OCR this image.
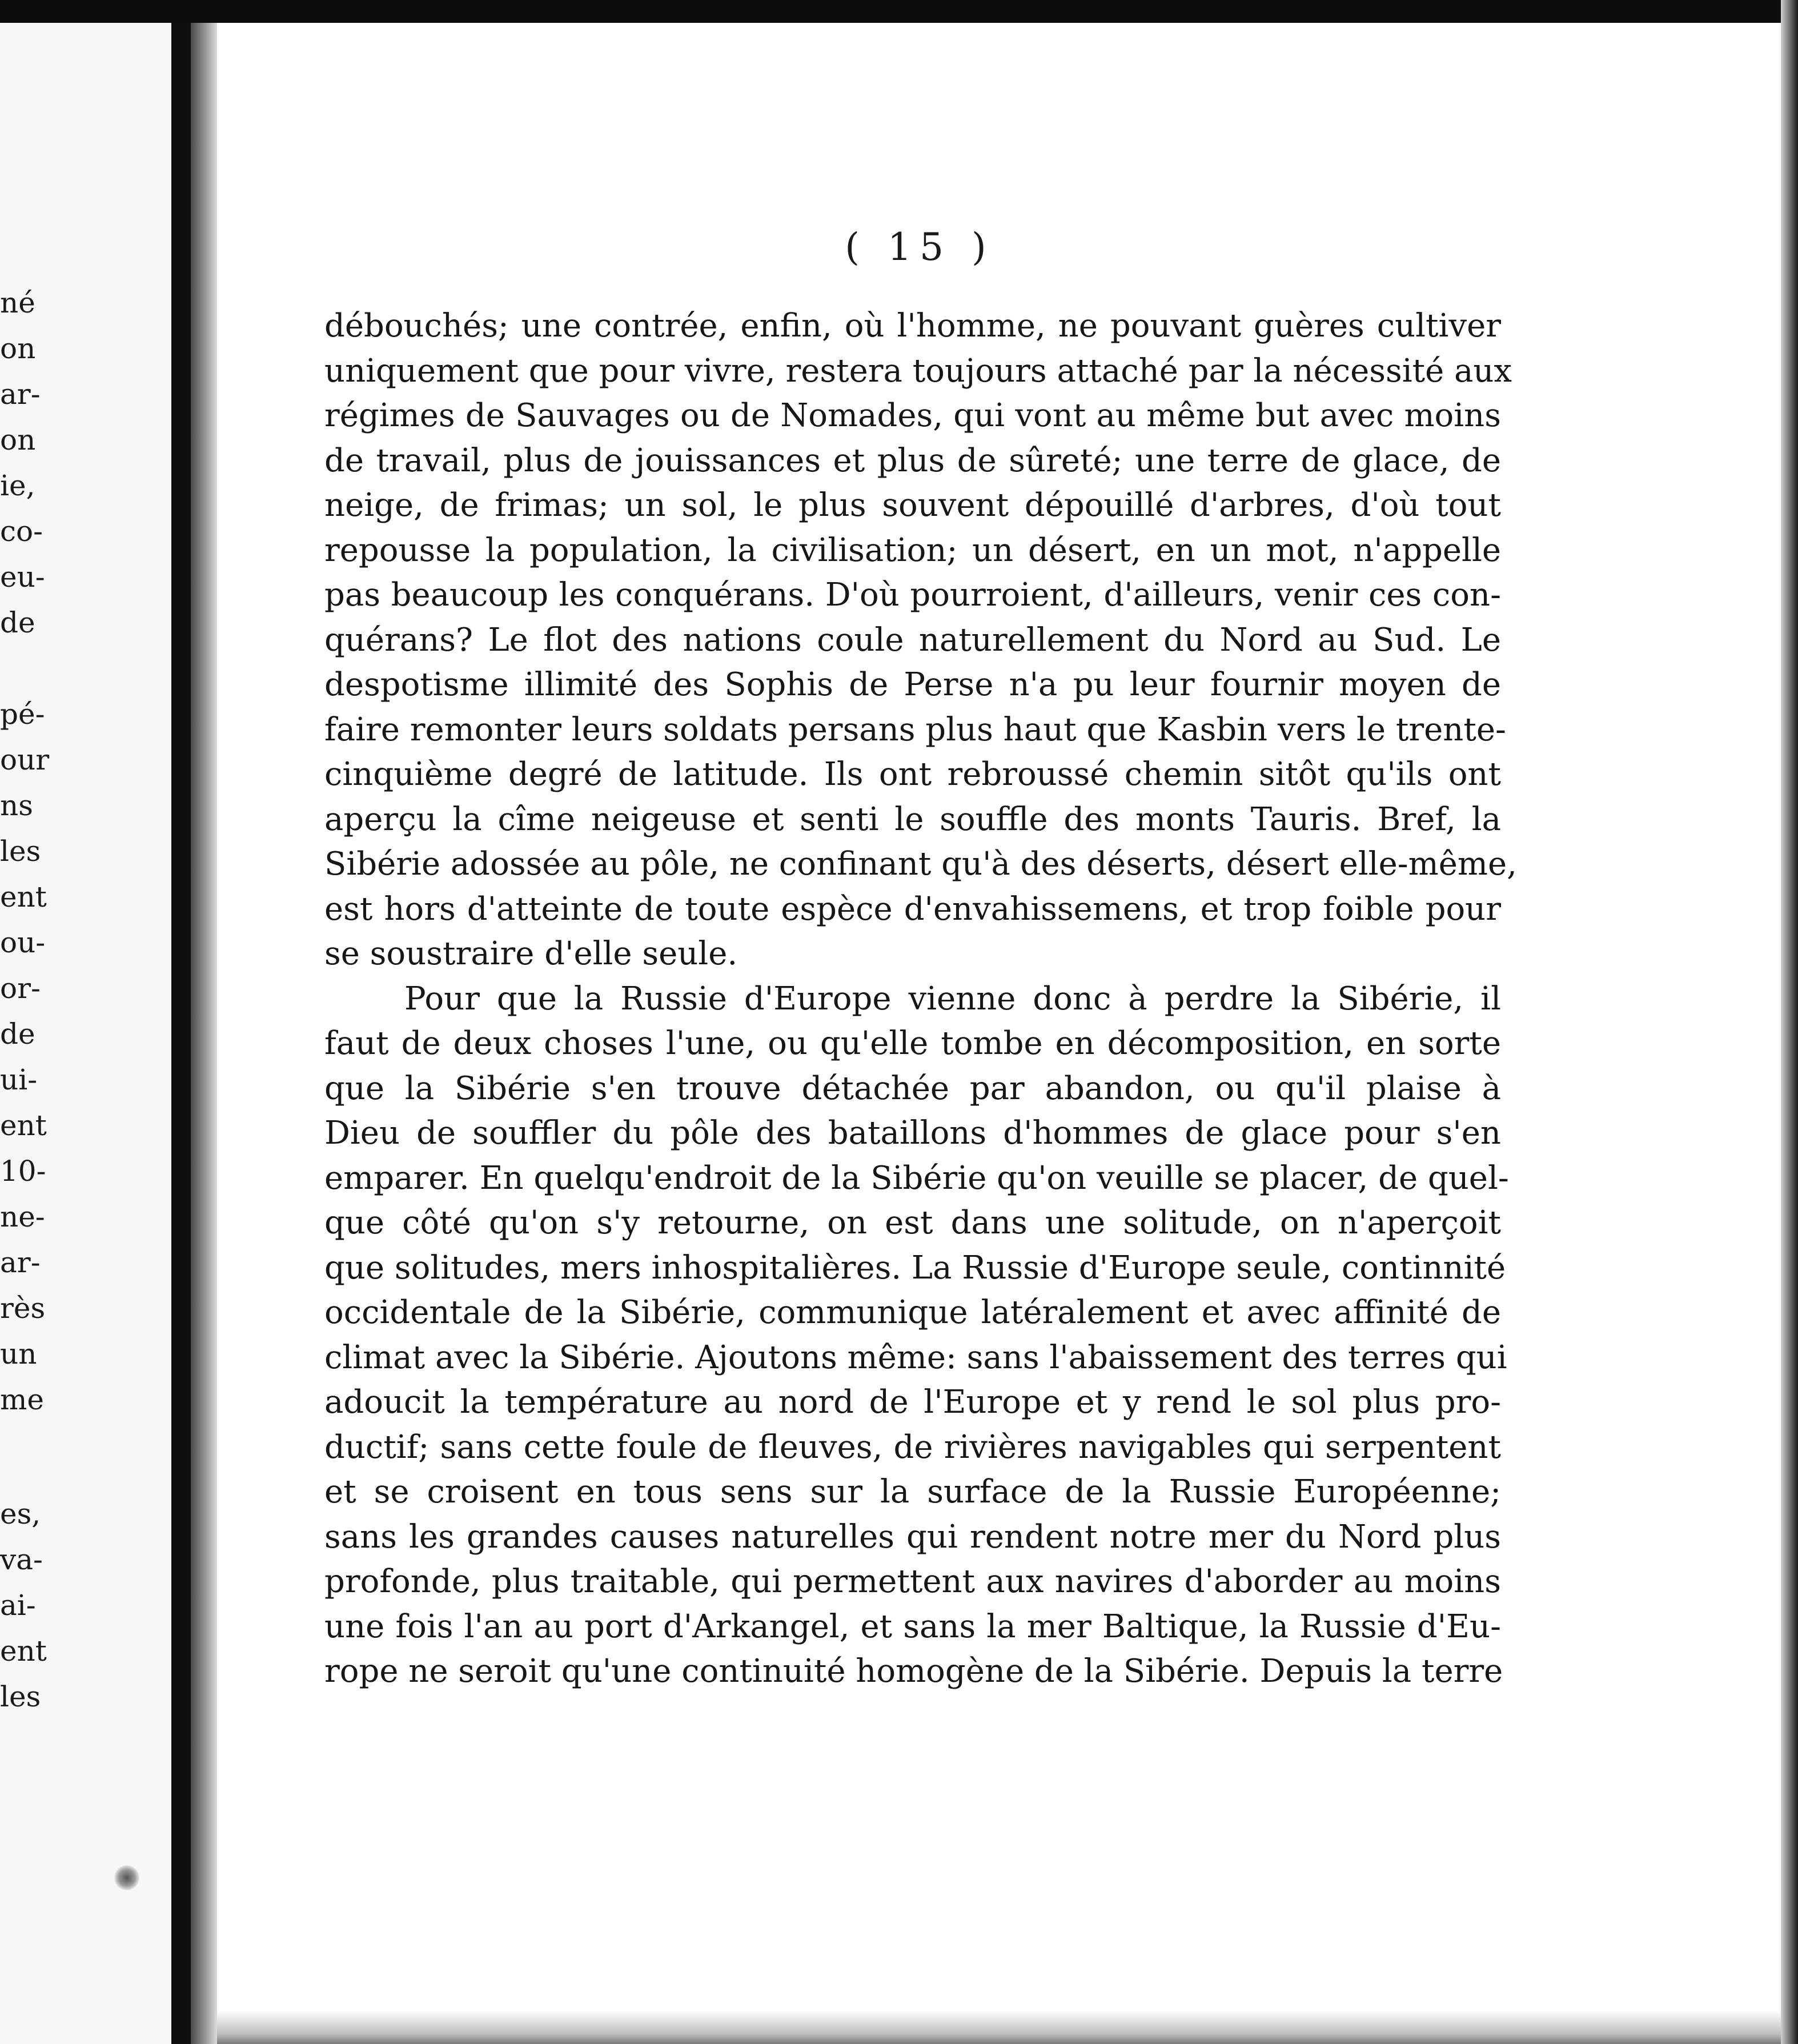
né
on
ar-
on
ie,
co-
eu-
de
pé-
our
ns
les
ent
ou-
or-
de
ui-
ent
10-
ne-
ar-
rès
un
me
es,
va-
ai-
ent
les
( 15 )
débouchés; une contrée, enfin, où l'homme, ne pouvant guères cultiver
uniquement que pour vivre, restera toujours attaché par la nécessité aux
régimes de Sauvages ou de Nomades, qui vont au même but avec moins
de travail, plus de jouissances et plus de sûreté; une terre de glace, de
neige, de frimas; un sol, le plus souvent dépouillé d'arbres, d'où tout
repousse la population, la civilisation; un désert, en un mot, n'appelle
pas beaucoup les conquérans. D'où pourroient, d'ailleurs, venir ces con-
quérans? Le flot des nations coule naturellement du Nord au Sud. Le
despotisme illimité des Sophis de Perse n'a pu leur fournir moyen de
faire remonter leurs soldats persans plus haut que Kasbin vers le trente-
cinquième degré de latitude. Ils ont rebroussé chemin sitôt qu'ils ont
aperçu la cîme neigeuse et senti le souffle des monts Tauris. Bref, la
Sibérie adossée au pôle, ne confinant qu'à des déserts, désert elle-même,
est hors d'atteinte de toute espèce d'envahissemens, et trop foible pour
se soustraire d'elle seule.
Pour que la Russie d'Europe vienne donc à perdre la Sibérie, il
faut de deux choses l'une, ou qu'elle tombe en décomposition, en sorte
que la Sibérie s'en trouve détachée par abandon, ou qu'il plaise à
Dieu de souffler du pôle des bataillons d'hommes de glace pour s'en
emparer. En quelqu'endroit de la Sibérie qu'on veuille se placer, de quel-
que côté qu'on s'y retourne, on est dans une solitude, on n'aperçoit
que solitudes, mers inhospitalières. La Russie d'Europe seule, continnité
occidentale de la Sibérie, communique latéralement et avec affinité de
climat avec la Sibérie. Ajoutons même: sans l'abaissement des terres qui
adoucit la température au nord de l'Europe et y rend le sol plus pro-
ductif; sans cette foule de fleuves, de rivières navigables qui serpentent
et se croisent en tous sens sur la surface de la Russie Européenne;
sans les grandes causes naturelles qui rendent notre mer du Nord plus
profonde, plus traitable, qui permettent aux navires d'aborder au moins
une fois l'an au port d'Arkangel, et sans la mer Baltique, la Russie d'Eu-
rope ne seroit qu'une continuité homogène de la Sibérie. Depuis la terre
